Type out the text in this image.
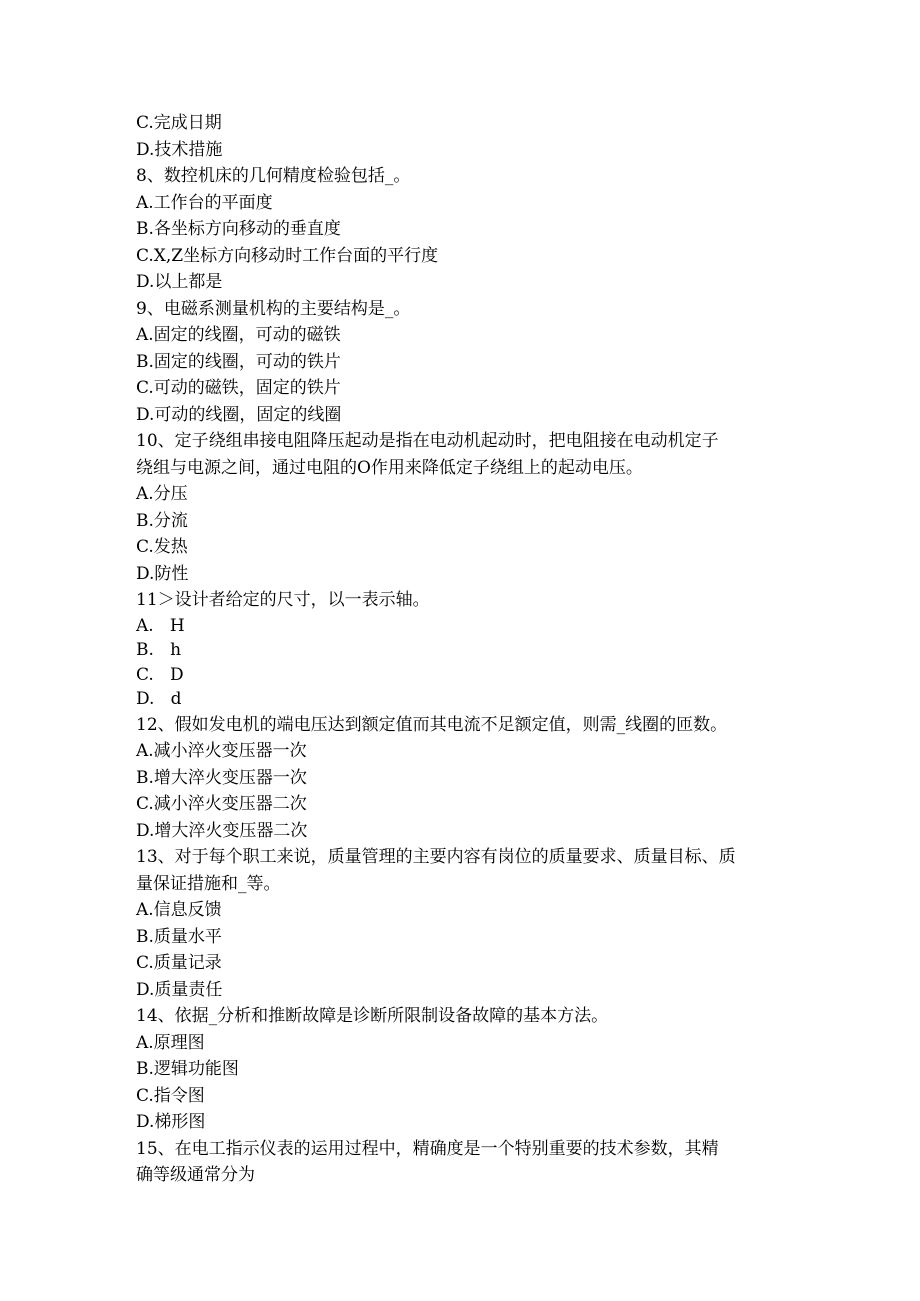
C.完成日期
D.技术措施
8、数控机床的几何精度检验包括_。
A.工作台的平面度
B.各坐标方向移动的垂直度
C.X,Z坐标方向移动时工作台面的平行度
D.以上都是
9、电磁系测量机构的主要结构是_。
A.固定的线圈，可动的磁铁
B.固定的线圈，可动的铁片
C.可动的磁铁，固定的铁片
D.可动的线圈，固定的线圈
10、定子绕组串接电阻降压起动是指在电动机起动时，把电阻接在电动机定子
绕组与电源之间，通过电阻的O作用来降低定子绕组上的起动电压。
A.分压
B.分流
C.发热
D.防性
11＞设计者给定的尺寸，以一表示轴。
A.   H
B.   h
C.   D
D.   d
12、假如发电机的端电压达到额定值而其电流不足额定值，则需_线圈的匝数。
A.减小淬火变压器一次
B.增大淬火变压器一次
C.减小淬火变压器二次
D.增大淬火变压器二次
13、对于每个职工来说，质量管理的主要内容有岗位的质量要求、质量目标、质
量保证措施和_等。
A.信息反馈
B.质量水平
C.质量记录
D.质量责任
14、依据_分析和推断故障是诊断所限制设备故障的基本方法。
A.原理图
B.逻辑功能图
C.指令图
D.梯形图
15、在电工指示仪表的运用过程中，精确度是一个特别重要的技术参数，其精
确等级通常分为
